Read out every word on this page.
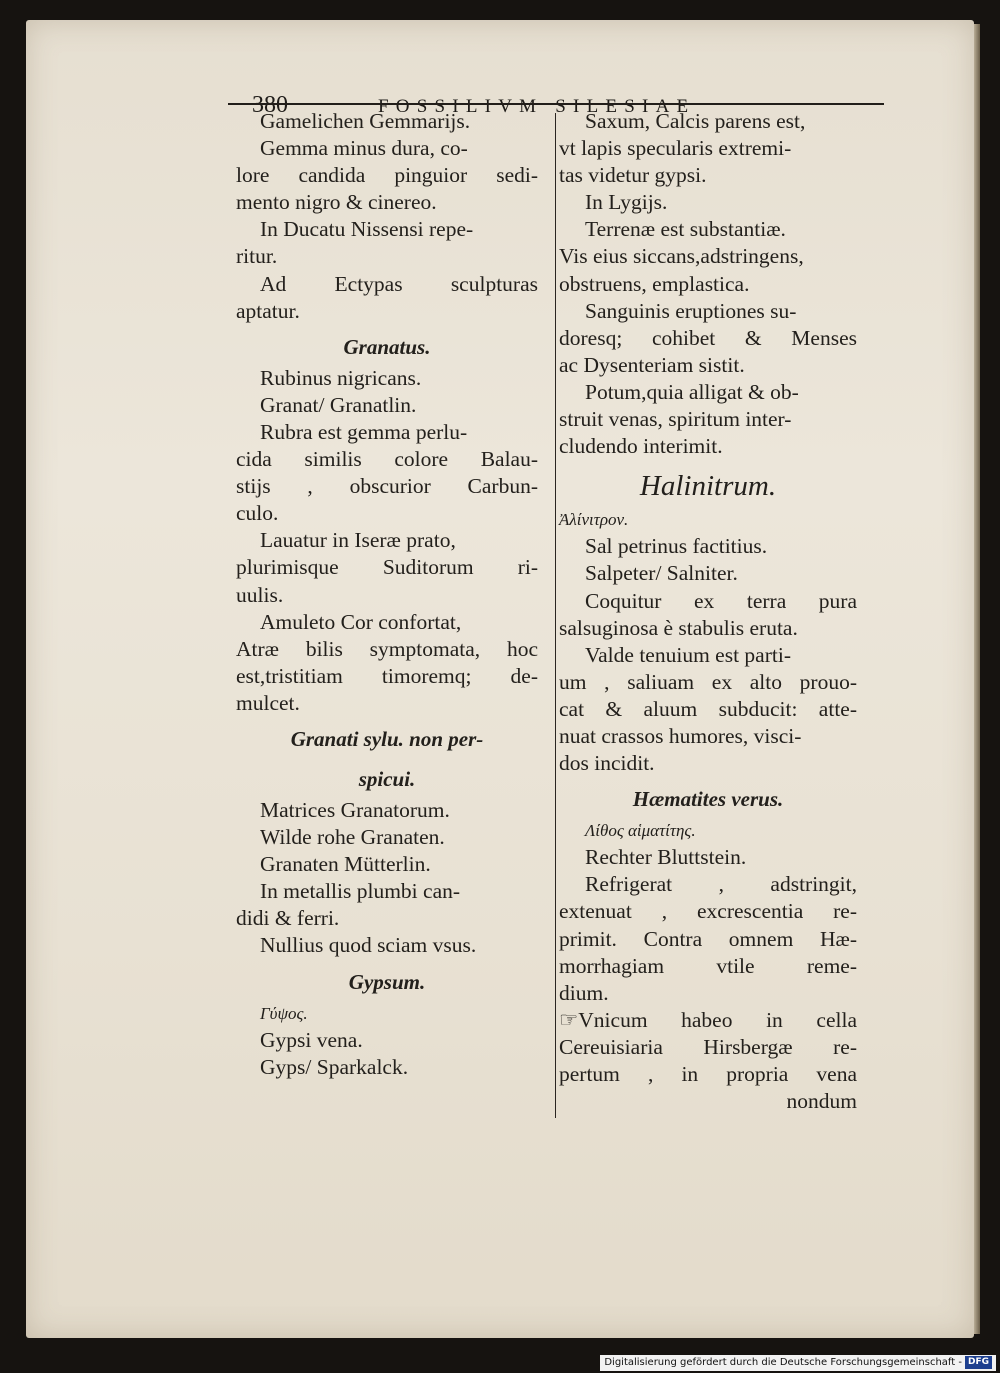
380	FOSSILIVM SILESIAE
Gamelichen Gemmarijs.
Gemma minus dura, co-
lore candida pinguior sedi-
mento nigro & cinereo.
In Ducatu Nissensi repe-
ritur.
Ad Ectypas sculpturas
aptatur.
Granatus.
Rubinus nigricans.
Granat/ Granatlin.
Rubra est gemma perlu-
cida similis colore Balau-
stijs , obscurior Carbun-
culo.
Lauatur in Iseræ prato,
plurimisque Suditorum ri-
uulis.
Amuleto Cor confortat,
Atræ bilis symptomata, hoc
est,tristitiam timoremq; de-
mulcet.
Granati sylu. non per-
spicui.
Matrices Granatorum.
Wilde rohe Granaten.
Granaten Mütterlin.
In metallis plumbi can-
didi & ferri.
Nullius quod sciam vsus.
Gypsum.
Γύψος.
Gypsi vena.
Gyps/ Sparkalck.
Saxum, Calcis parens est,
vt lapis specularis extremi-
tas videtur gypsi.
In Lygijs.
Terrenæ est substantiæ.
Vis eius siccans,adstringens,
obstruens, emplastica.
Sanguinis eruptiones su-
doresq; cohibet & Menses
ac Dysenteriam sistit.
Potum,quia alligat & ob-
struit venas, spiritum inter-
cludendo interimit.
Halinitrum.
Ἀλίνιτρον.
Sal petrinus factitius.
Salpeter/ Salniter.
Coquitur ex terra pura
salsuginosa è stabulis eruta.
Valde tenuium est parti-
um , saliuam ex alto prouo-
cat & aluum subducit: atte-
nuat crassos humores, visci-
dos incidit.
Hæmatites verus.
Λίθος αἱματίτης.
Rechter Bluttstein.
Refrigerat , adstringit,
extenuat , excrescentia re-
primit. Contra omnem Hæ-
morrhagiam vtile reme-
dium.
☞Vnicum habeo in cella
Cereuisiaria Hirsbergæ re-
pertum , in propria vena
nondum
Digitalisierung gefördert durch die Deutsche Forschungsgemeinschaft - DFG
